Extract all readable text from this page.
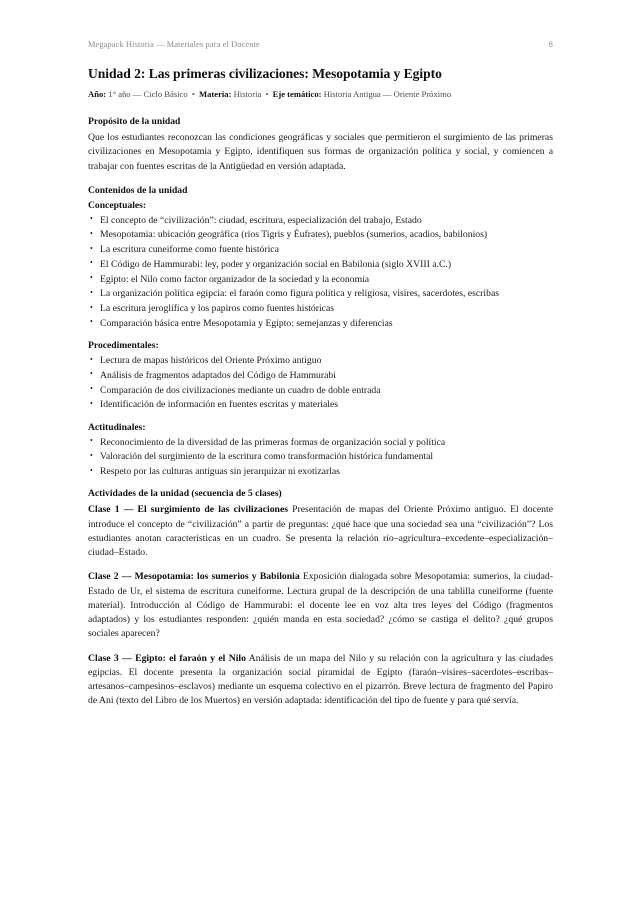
Megapack Historia — Materiales para el Docente	8
Unidad 2: Las primeras civilizaciones: Mesopotamia y Egipto

Año: 1° año — Ciclo Básico • Materia: Historia • Eje temático: Historia Antigua — Oriente Próximo

Propósito de la unidad

Que los estudiantes reconozcan las condiciones geográficas y sociales que permitieron el surgimiento de las primeras civilizaciones en Mesopotamia y Egipto, identifiquen sus formas de organización política y social, y comiencen a trabajar con fuentes escritas de la Antigüedad en versión adaptada.

Contenidos de la unidad
Conceptuales:
• El concepto de “civilización”: ciudad, escritura, especialización del trabajo, Estado
• Mesopotamia: ubicación geográfica (ríos Tigris y Éufrates), pueblos (sumerios, acadios, babilonios)
• La escritura cuneiforme como fuente histórica
• El Código de Hammurabi: ley, poder y organización social en Babilonia (siglo XVIII a.C.)
• Egipto: el Nilo como factor organizador de la sociedad y la economía
• La organización política egipcia: el faraón como figura política y religiosa, visires, sacerdotes, escribas
• La escritura jeroglífica y los papiros como fuentes históricas
• Comparación básica entre Mesopotamia y Egipto: semejanzas y diferencias
Procedimentales:
• Lectura de mapas históricos del Oriente Próximo antiguo
• Análisis de fragmentos adaptados del Código de Hammurabi
• Comparación de dos civilizaciones mediante un cuadro de doble entrada
• Identificación de información en fuentes escritas y materiales
Actitudinales:
• Reconocimiento de la diversidad de las primeras formas de organización social y política
• Valoración del surgimiento de la escritura como transformación histórica fundamental
• Respeto por las culturas antiguas sin jerarquizar ni exotizarlas
Actividades de la unidad (secuencia de 5 clases)

Clase 1 — El surgimiento de las civilizaciones Presentación de mapas del Oriente Próximo antiguo. El docente introduce el concepto de “civilización” a partir de preguntas: ¿qué hace que una sociedad sea una “civilización”? Los estudiantes anotan características en un cuadro. Se presenta la relación río–agricultura–excedente–especialización–ciudad–Estado.

Clase 2 — Mesopotamia: los sumerios y Babilonia Exposición dialogada sobre Mesopotamia: sumerios, la ciudad-Estado de Ur, el sistema de escritura cuneiforme. Lectura grupal de la descripción de una tablilla cuneiforme (fuente material). Introducción al Código de Hammurabi: el docente lee en voz alta tres leyes del Código (fragmentos adaptados) y los estudiantes responden: ¿quién manda en esta sociedad? ¿cómo se castiga el delito? ¿qué grupos sociales aparecen?

Clase 3 — Egipto: el faraón y el Nilo Análisis de un mapa del Nilo y su relación con la agricultura y las ciudades egipcias. El docente presenta la organización social piramidal de Egipto (faraón–visires–sacerdotes–escribas–artesanos–campesinos–esclavos) mediante un esquema colectivo en el pizarrón. Breve lectura de fragmento del Papiro de Ani (texto del Libro de los Muertos) en versión adaptada: identificación del tipo de fuente y para qué servía.
